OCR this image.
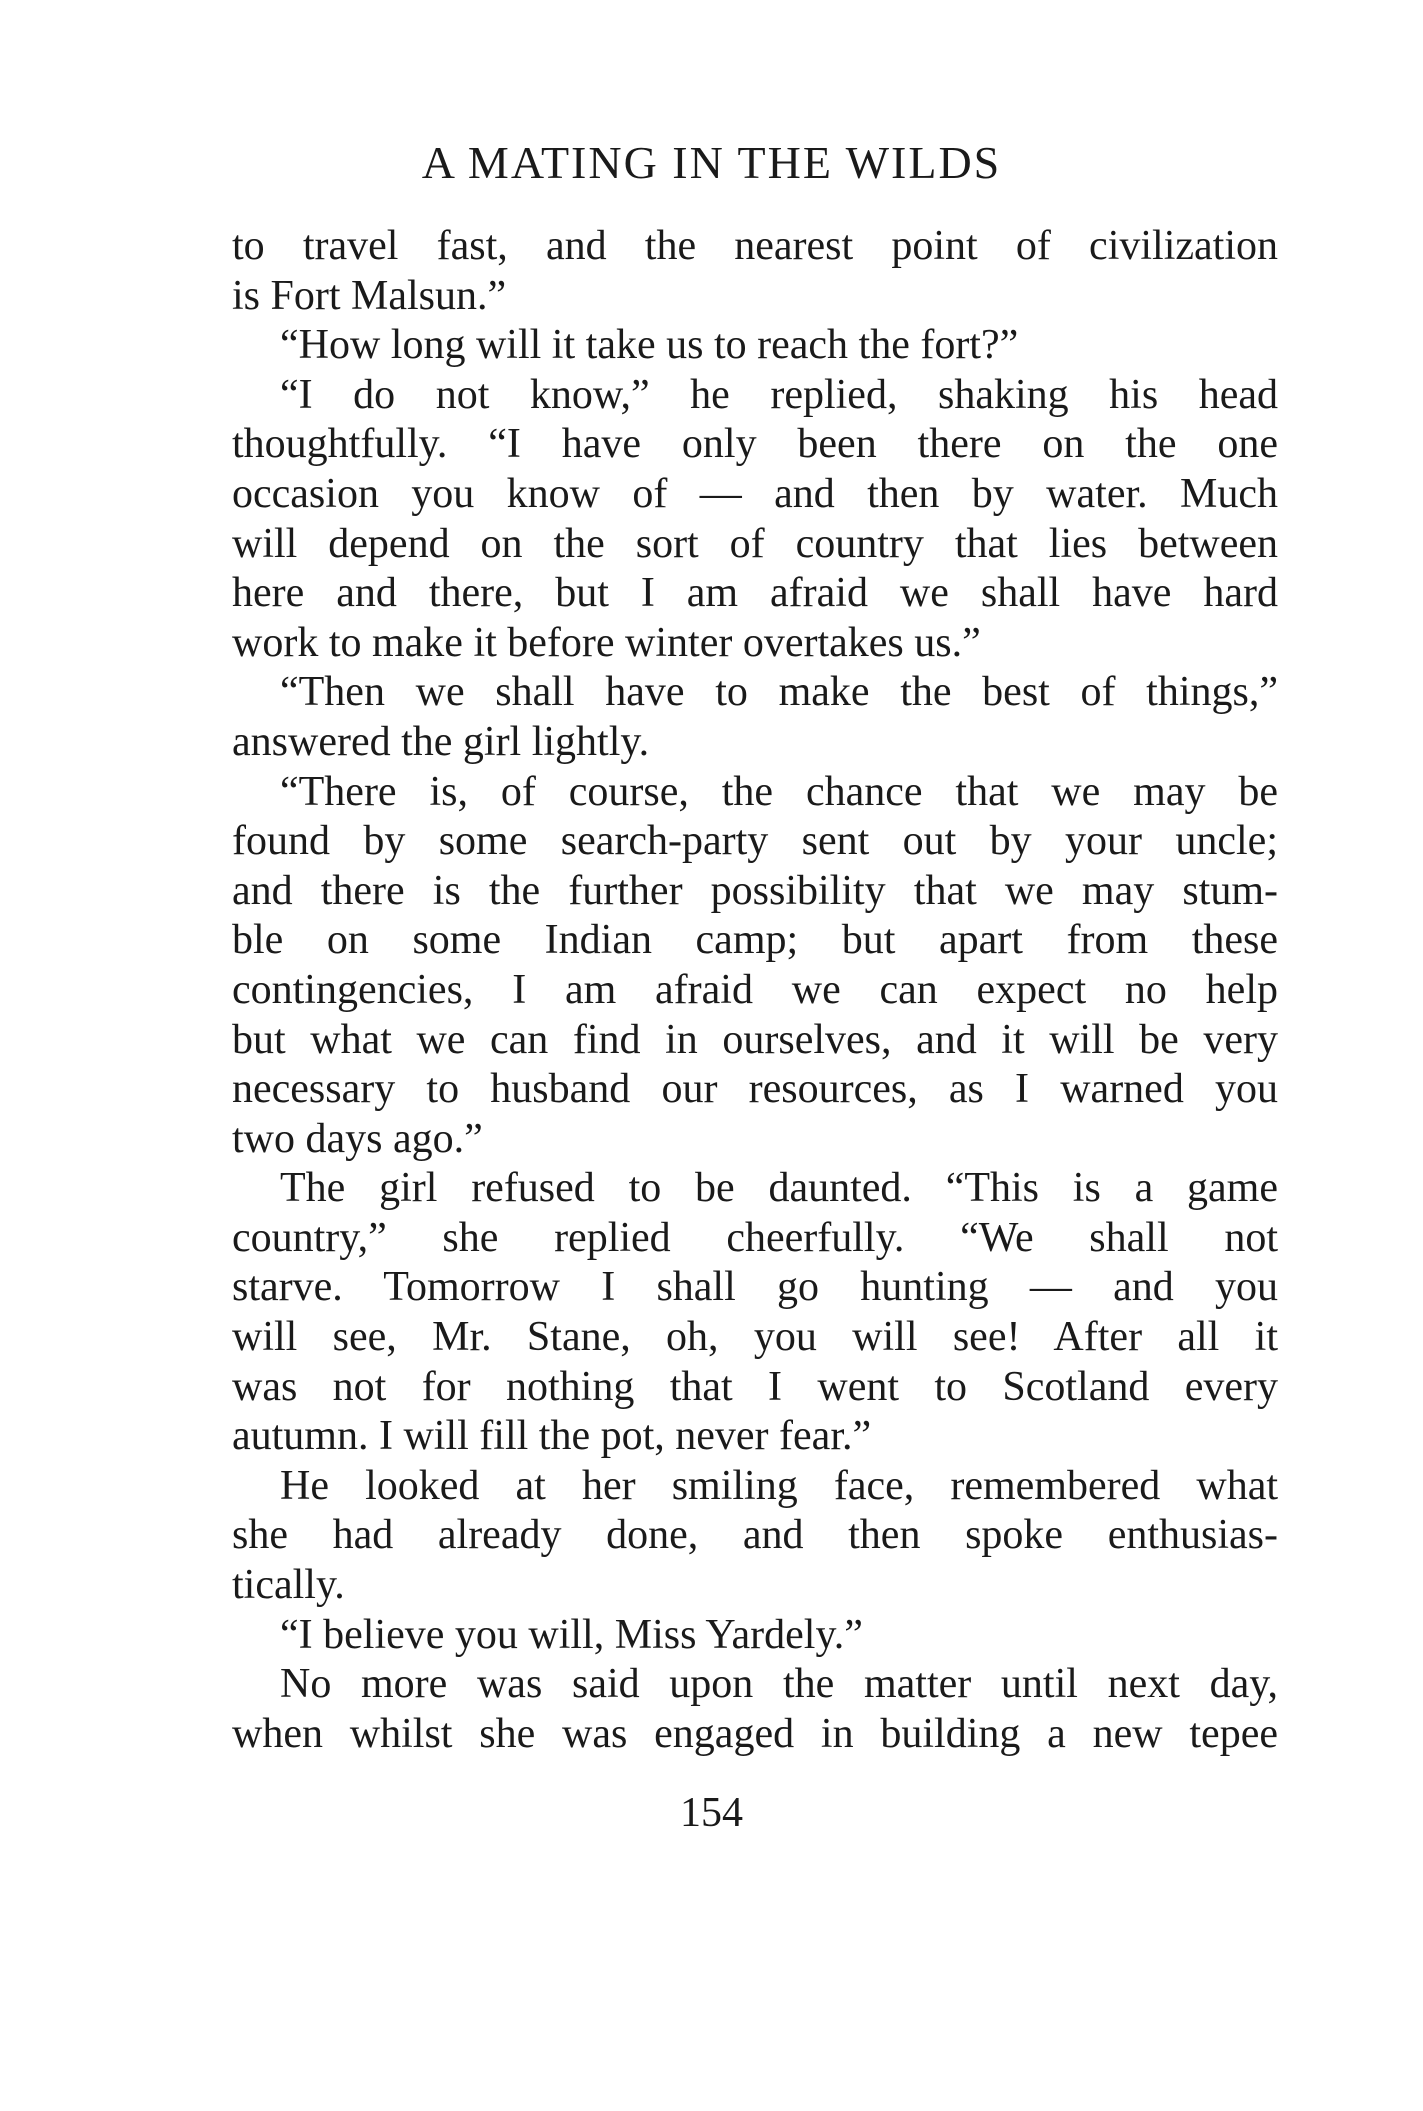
A MATING IN THE WILDS
to travel fast, and the nearest point of civilization
is Fort Malsun.”
“How long will it take us to reach the fort?”
“I do not know,” he replied, shaking his head
thoughtfully. “I have only been there on the one
occasion you know of — and then by water. Much
will depend on the sort of country that lies between
here and there, but I am afraid we shall have hard
work to make it before winter overtakes us.”
“Then we shall have to make the best of things,”
answered the girl lightly.
“There is, of course, the chance that we may be
found by some search-party sent out by your uncle;
and there is the further possibility that we may stum-
ble on some Indian camp; but apart from these
contingencies, I am afraid we can expect no help
but what we can find in ourselves, and it will be very
necessary to husband our resources, as I warned you
two days ago.”
The girl refused to be daunted. “This is a game
country,” she replied cheerfully. “We shall not
starve. Tomorrow I shall go hunting — and you
will see, Mr. Stane, oh, you will see! After all it
was not for nothing that I went to Scotland every
autumn. I will fill the pot, never fear.”
He looked at her smiling face, remembered what
she had already done, and then spoke enthusias-
tically.
“I believe you will, Miss Yardely.”
No more was said upon the matter until next day,
when whilst she was engaged in building a new tepee
154
